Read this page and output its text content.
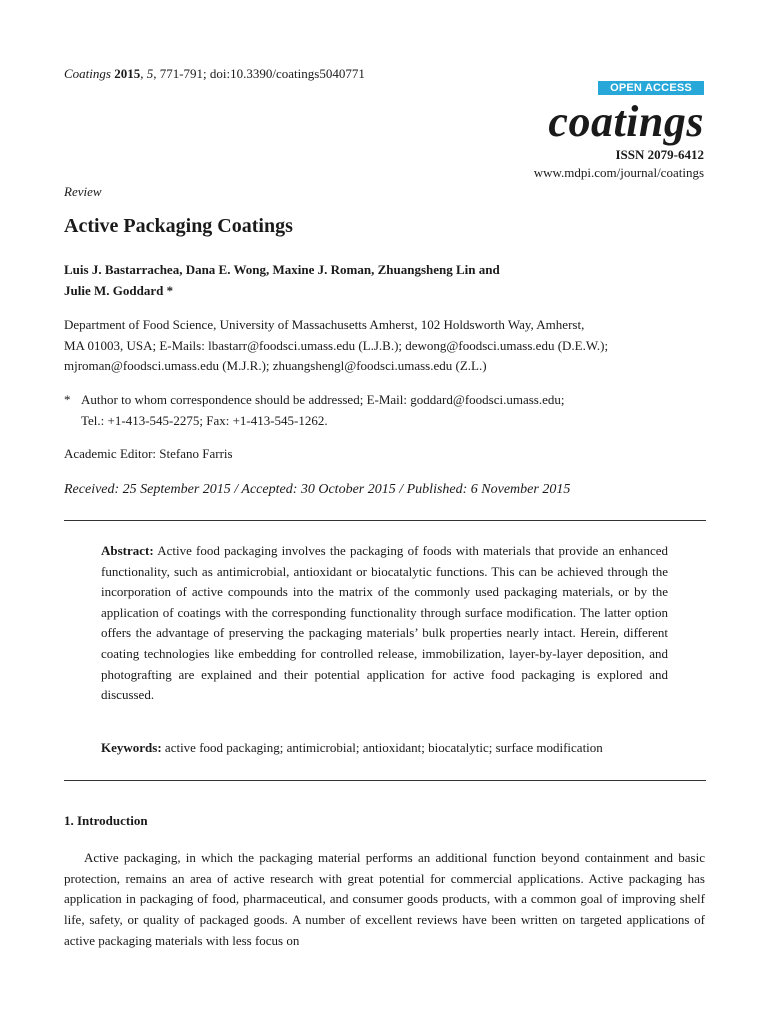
Coatings 2015, 5, 771-791; doi:10.3390/coatings5040771
OPEN ACCESS
coatings
ISSN 2079-6412
www.mdpi.com/journal/coatings
Review
Active Packaging Coatings
Luis J. Bastarrachea, Dana E. Wong, Maxine J. Roman, Zhuangsheng Lin and
Julie M. Goddard *
Department of Food Science, University of Massachusetts Amherst, 102 Holdsworth Way, Amherst,
MA 01003, USA; E-Mails: lbastarr@foodsci.umass.edu (L.J.B.); dewong@foodsci.umass.edu (D.E.W.);
mjroman@foodsci.umass.edu (M.J.R.); zhuangshengl@foodsci.umass.edu (Z.L.)
* Author to whom correspondence should be addressed; E-Mail: goddard@foodsci.umass.edu;
Tel.: +1-413-545-2275; Fax: +1-413-545-1262.
Academic Editor: Stefano Farris
Received: 25 September 2015 / Accepted: 30 October 2015 / Published: 6 November 2015
Abstract: Active food packaging involves the packaging of foods with materials that provide an enhanced functionality, such as antimicrobial, antioxidant or biocatalytic functions. This can be achieved through the incorporation of active compounds into the matrix of the commonly used packaging materials, or by the application of coatings with the corresponding functionality through surface modification. The latter option offers the advantage of preserving the packaging materials’ bulk properties nearly intact. Herein, different coating technologies like embedding for controlled release, immobilization, layer-by-layer deposition, and photografting are explained and their potential application for active food packaging is explored and discussed.
Keywords: active food packaging; antimicrobial; antioxidant; biocatalytic; surface modification
1. Introduction
Active packaging, in which the packaging material performs an additional function beyond containment and basic protection, remains an area of active research with great potential for commercial applications. Active packaging has application in packaging of food, pharmaceutical, and consumer goods products, with a common goal of improving shelf life, safety, or quality of packaged goods. A number of excellent reviews have been written on targeted applications of active packaging materials with less focus on
